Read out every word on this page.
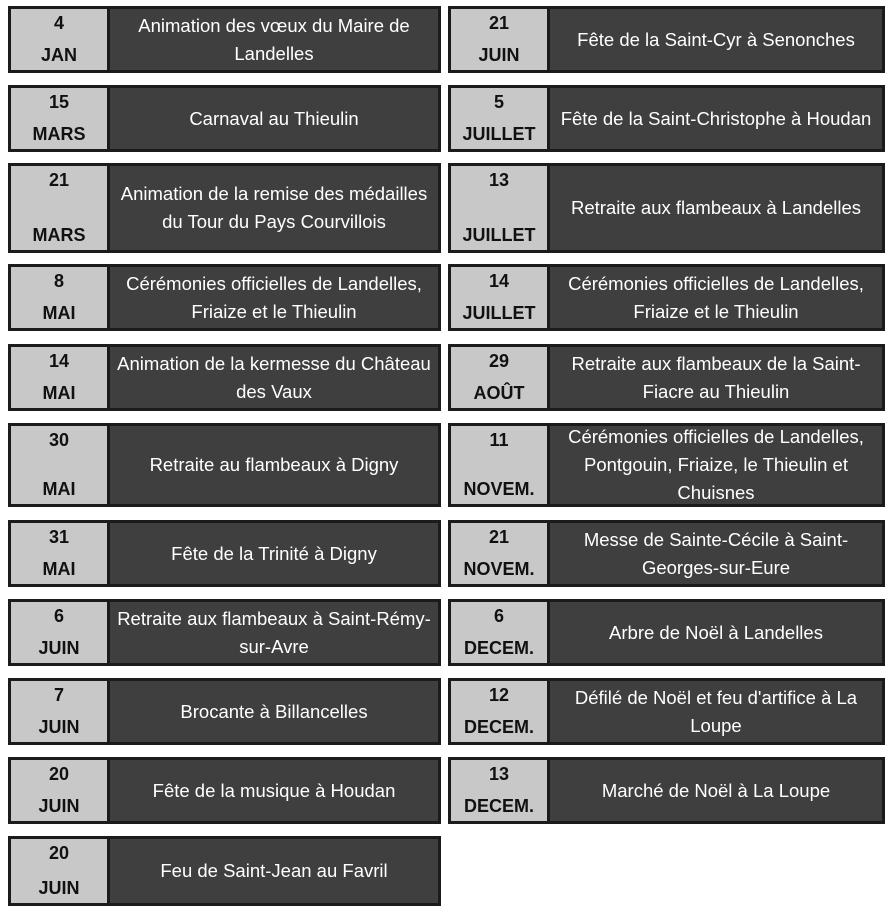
4
JAN
Animation des vœux du Maire de Landelles
15
MARS
Carnaval au Thieulin
21
MARS
Animation de la remise des médailles du Tour du Pays Courvillois
8
MAI
Cérémonies officielles de Landelles, Friaize et le Thieulin
14
MAI
Animation de la kermesse du Château des Vaux
30
MAI
Retraite au flambeaux à Digny
31
MAI
Fête de la Trinité à Digny
6
JUIN
Retraite aux flambeaux à Saint-Rémy-sur-Avre
7
JUIN
Brocante à Billancelles
20
JUIN
Fête de la musique à Houdan
20
JUIN
Feu de Saint-Jean au Favril
21
JUIN
Fête de la Saint-Cyr à Senonches
5
JUILLET
Fête de la Saint-Christophe à Houdan
13
JUILLET
Retraite aux flambeaux à Landelles
14
JUILLET
Cérémonies officielles de Landelles, Friaize et le Thieulin
29
AOÛT
Retraite aux flambeaux de la Saint-Fiacre au Thieulin
11
NOVEM.
Cérémonies officielles de Landelles, Pontgouin, Friaize, le Thieulin et Chuisnes
21
NOVEM.
Messe de Sainte-Cécile à Saint-Georges-sur-Eure
6
DECEM.
Arbre de Noël à Landelles
12
DECEM.
Défilé de Noël et feu d'artifice à La Loupe
13
DECEM.
Marché de Noël à La Loupe
